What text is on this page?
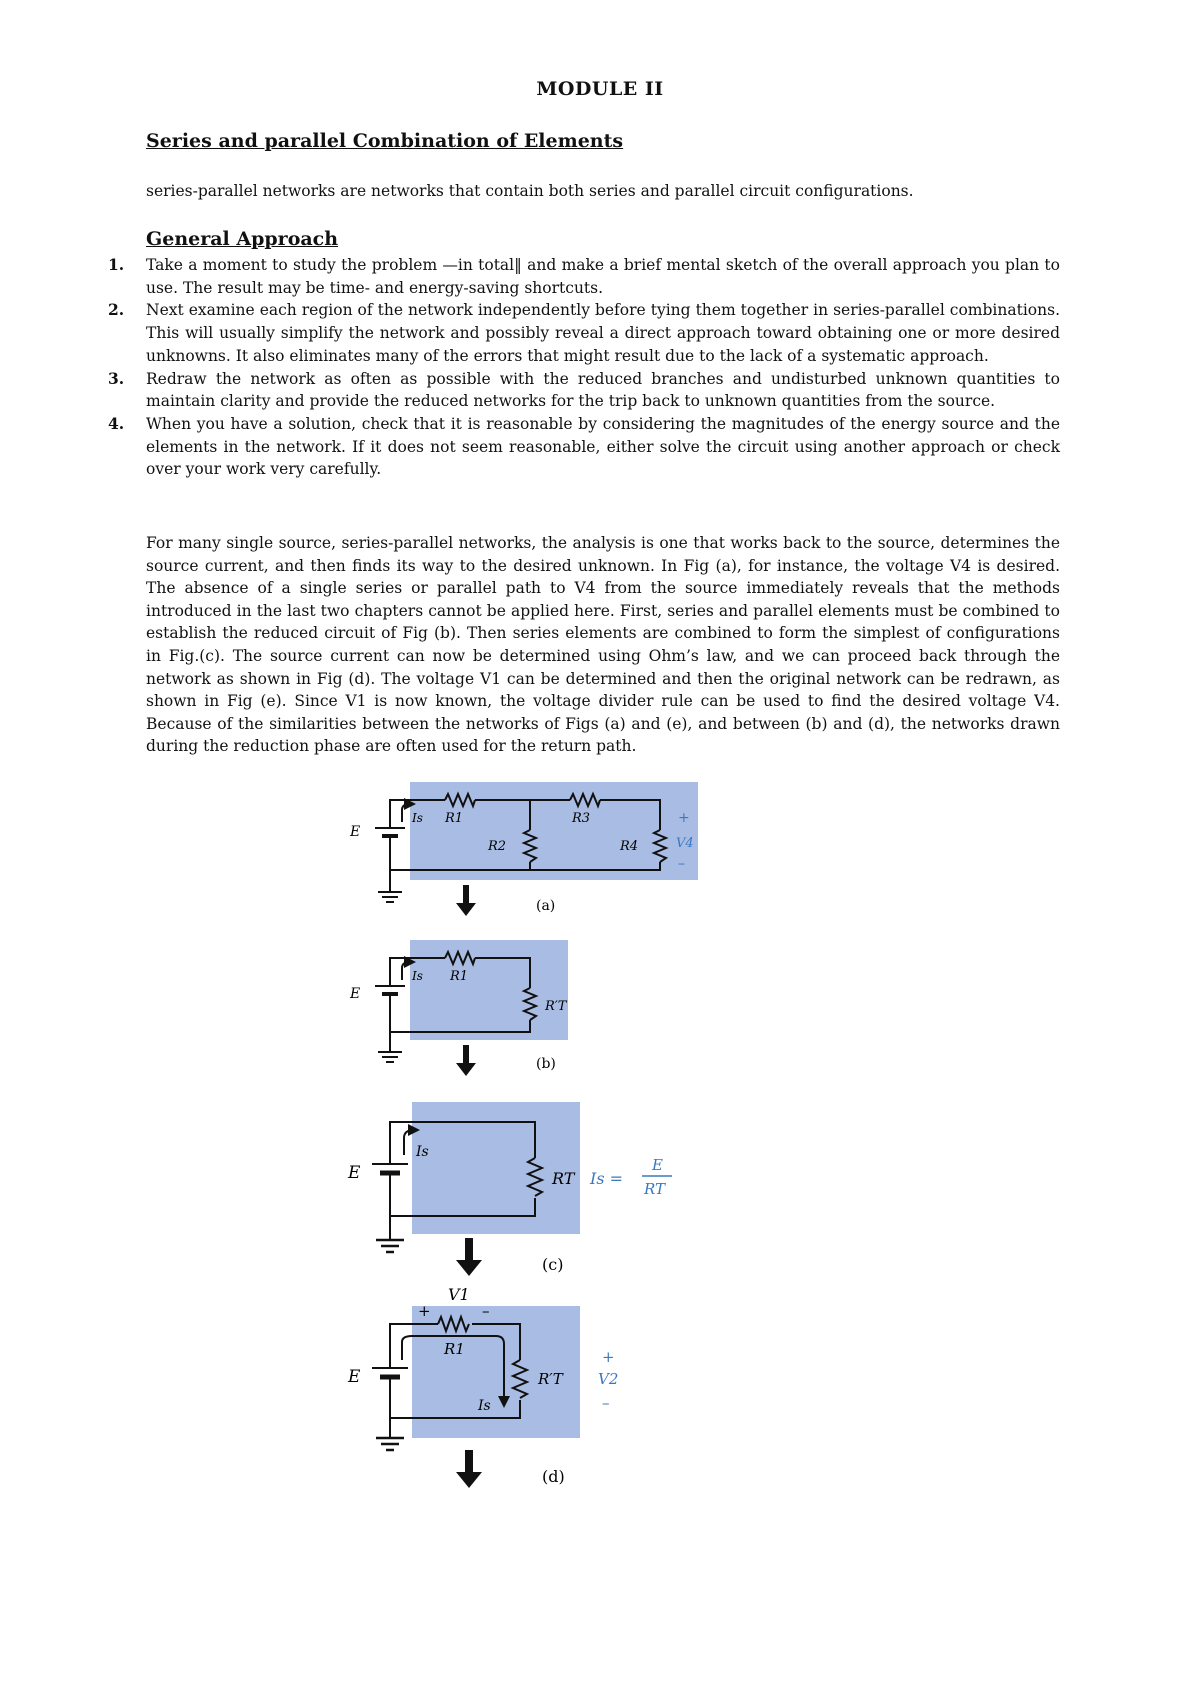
MODULE II
Series and parallel Combination of Elements
series-parallel networks are networks that contain both series and parallel circuit configurations.
General Approach
1. Take a moment to study the problem —in total‖ and make a brief mental sketch of the overall approach you plan to use. The result may be time- and energy-saving shortcuts.
2. Next examine each region of the network independently before tying them together in series-parallel combinations. This will usually simplify the network and possibly reveal a direct approach toward obtaining one or more desired unknowns. It also eliminates many of the errors that might result due to the lack of a systematic approach.
3. Redraw the network as often as possible with the reduced branches and undisturbed unknown quantities to maintain clarity and provide the reduced networks for the trip back to unknown quantities from the source.
4. When you have a solution, check that it is reasonable by considering the magnitudes of the energy source and the elements in the network. If it does not seem reasonable, either solve the circuit using another approach or check over your work very carefully.
For many single source, series-parallel networks, the analysis is one that works back to the source, determines the source current, and then finds its way to the desired unknown. In Fig (a), for instance, the voltage V4 is desired. The absence of a single series or parallel path to V4 from the source immediately reveals that the methods introduced in the last two chapters cannot be applied here. First, series and parallel elements must be combined to establish the reduced circuit of Fig (b). Then series elements are combined to form the simplest of configurations in Fig.(c). The source current can now be determined using Ohm’s law, and we can proceed back through the network as shown in Fig (d). The voltage V1 can be determined and then the original network can be redrawn, as shown in Fig (e). Since V1 is now known, the voltage divider rule can be used to find the desired voltage V4. Because of the similarities between the networks of Figs (a) and (e), and between (b) and (d), the networks drawn during the reduction phase are often used for the return path.
E
Is R1
R2
R3
R4
+
V4
–
(a)
E
Is R1
R′T
(b)
E
Is
RT Is =
E
RT
(c)
E
+
V1
–
R1
Is
R′T
+
V2
–
(d)
